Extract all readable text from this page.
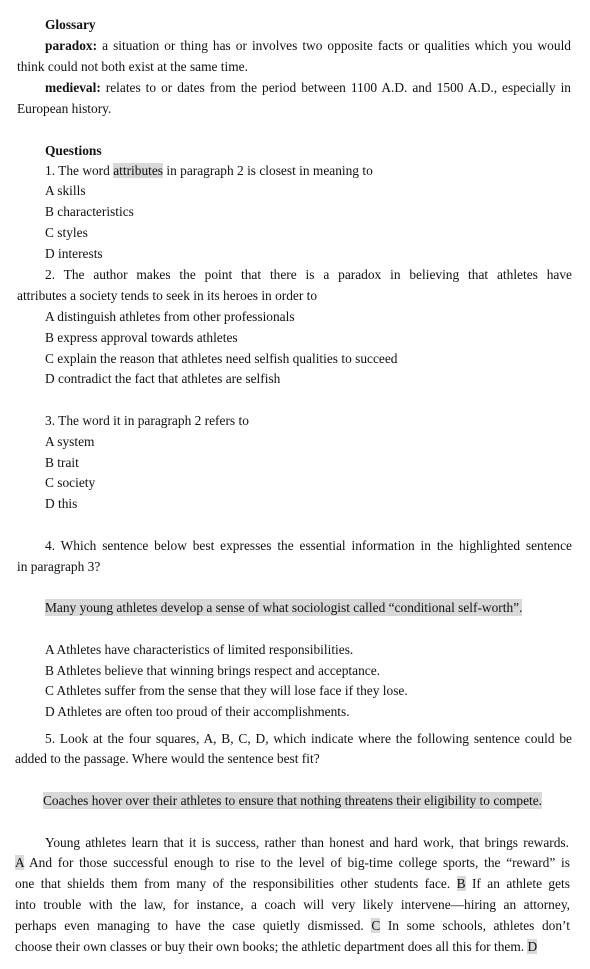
Glossary

paradox: a situation or thing has or involves two opposite facts or qualities which you would

think could not both exist at the same time.

medieval: relates to or dates from the period between 1100 A.D. and 1500 A.D., especially in

European history.

Questions

1. The word attributes in paragraph 2 is closest in meaning to

A skills

B characteristics

C styles

D interests

2. The author makes the point that there is a paradox in believing that athletes have

attributes a society tends to seek in its heroes in order to

A distinguish athletes from other professionals

B express approval towards athletes

C explain the reason that athletes need selfish qualities to succeed

D contradict the fact that athletes are selfish

3. The word it in paragraph 2 refers to

A system

B trait

C society

D this

4. Which sentence below best expresses the essential information in the highlighted sentence

in paragraph 3?

Many young athletes develop a sense of what sociologist called “conditional self-worth”.

A Athletes have characteristics of limited responsibilities.

B Athletes believe that winning brings respect and acceptance.

C Athletes suffer from the sense that they will lose face if they lose.

D Athletes are often too proud of their accomplishments.

5. Look at the four squares, A, B, C, D, which indicate where the following sentence could be

added to the passage. Where would the sentence best fit?

Coaches hover over their athletes to ensure that nothing threatens their eligibility to compete.

Young athletes learn that it is success, rather than honest and hard work, that brings rewards.

A And for those successful enough to rise to the level of big-time college sports, the “reward” is

one that shields them from many of the responsibilities other students face. B If an athlete gets

into trouble with the law, for instance, a coach will very likely intervene—hiring an attorney,

perhaps even managing to have the case quietly dismissed. C In some schools, athletes don’t

choose their own classes or buy their own books; the athletic department does all this for them. D
